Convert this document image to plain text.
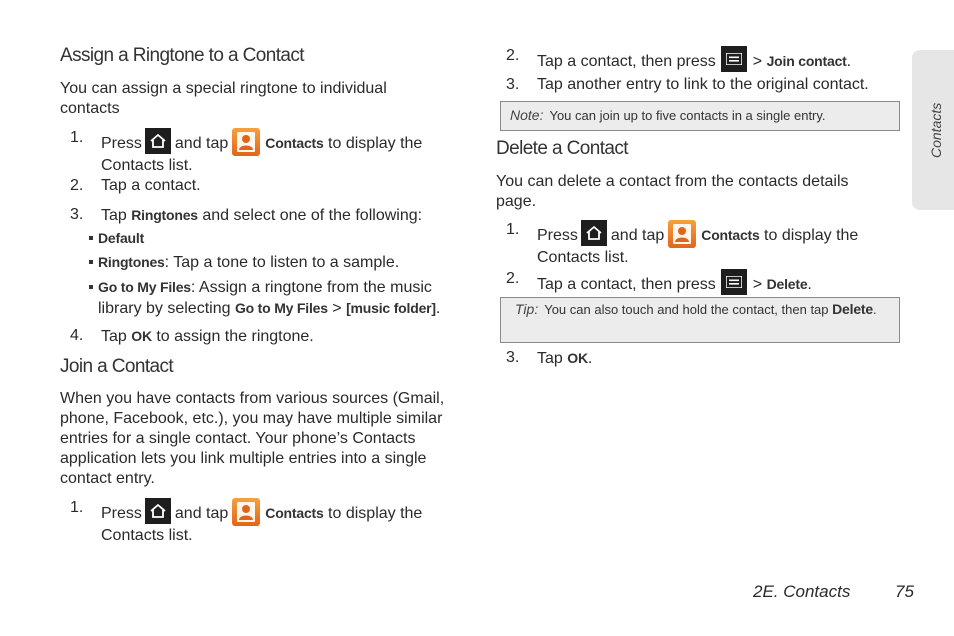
Assign a Ringtone to a Contact
You can assign a special ringtone to individual contacts
1.	Press and tap	Contacts to display the Contacts list.
2.	Tap a contact.
3.	Tap Ringtones and select one of the following:
Default
Ringtones: Tap a tone to listen to a sample.
Go to My Files: Assign a ringtone from the music library by selecting Go to My Files > [music folder].
4.	Tap OK to assign the ringtone.
Join a Contact
When you have contacts from various sources (Gmail, phone, Facebook, etc.), you may have multiple similar entries for a single contact. Your phone’s Contacts application lets you link multiple entries into a single contact entry.
1.	Press and tap	Contacts to display the Contacts list.
2.	Tap a contact, then press > Join contact.
3.	Tap another entry to link to the original contact.
Note: You can join up to five contacts in a single entry.
Delete a Contact
You can delete a contact from the contacts details page.
1.	Press and tap	Contacts to display the Contacts list.
2.	Tap a contact, then press > Delete.
Tip: You can also touch and hold the contact, then tap Delete.
3.	Tap OK.
Contacts
2E. Contacts	75
